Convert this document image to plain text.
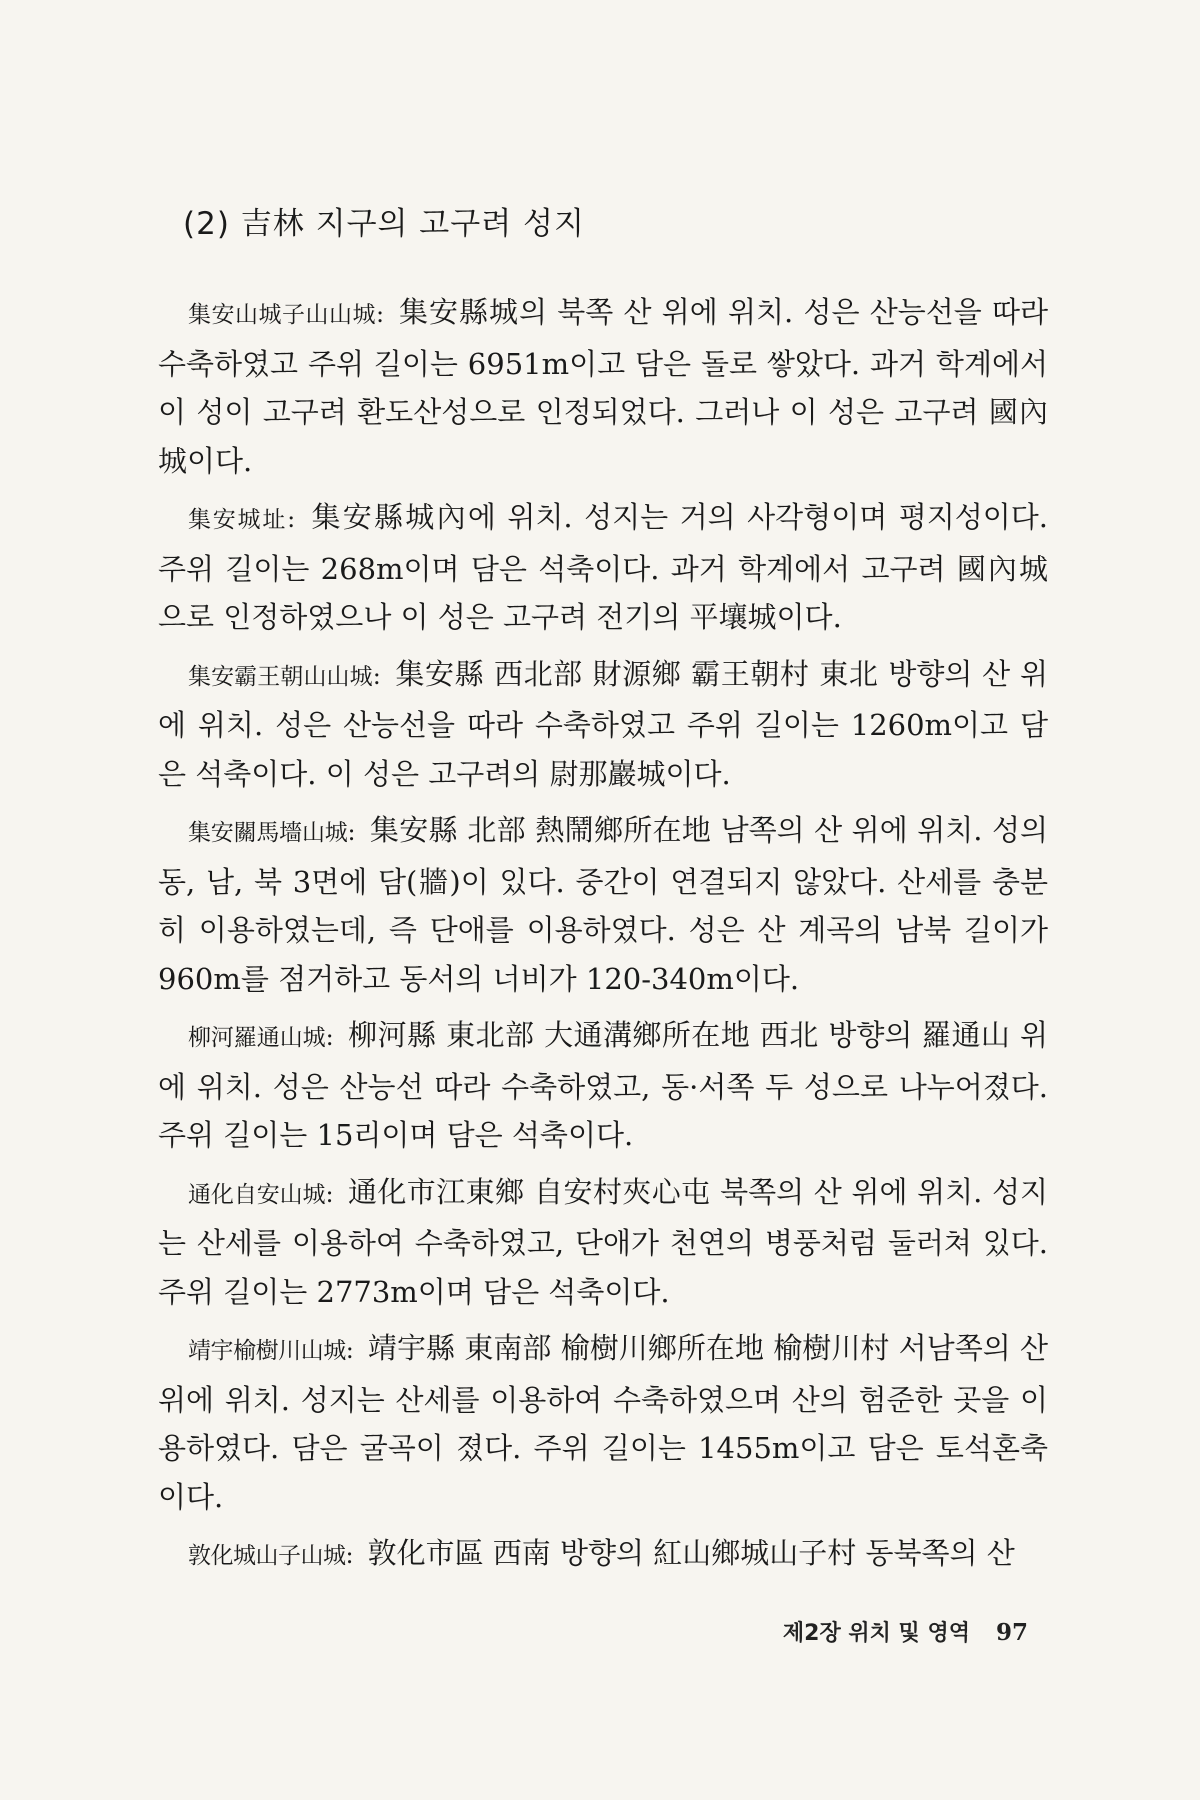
(2) 吉林 지구의 고구려 성지

集安山城子山山城: 集安縣城의 북쪽 산 위에 위치. 성은 산능선을 따라 수축하였고 주위 길이는 6951m이고 담은 돌로 쌓았다. 과거 학계에서 이 성이 고구려 환도산성으로 인정되었다. 그러나 이 성은 고구려 國內城이다.

集安城址: 集安縣城內에 위치. 성지는 거의 사각형이며 평지성이다. 주위 길이는 268m이며 담은 석축이다. 과거 학계에서 고구려 國內城으로 인정하였으나 이 성은 고구려 전기의 平壤城이다.

集安霸王朝山山城: 集安縣 西北部 財源鄉 霸王朝村 東北 방향의 산 위에 위치. 성은 산능선을 따라 수축하였고 주위 길이는 1260m이고 담은 석축이다. 이 성은 고구려의 尉那巖城이다.

集安關馬墻山城: 集安縣 北部 熱鬧鄉所在地 남쪽의 산 위에 위치. 성의 동, 남, 북 3면에 담(牆)이 있다. 중간이 연결되지 않았다. 산세를 충분히 이용하였는데, 즉 단애를 이용하였다. 성은 산 계곡의 남북 길이가 960m를 점거하고 동서의 너비가 120-340m이다.

柳河羅通山城: 柳河縣 東北部 大通溝鄉所在地 西北 방향의 羅通山 위에 위치. 성은 산능선 따라 수축하였고, 동·서쪽 두 성으로 나누어졌다. 주위 길이는 15리이며 담은 석축이다.

通化自安山城: 通化市江東鄉 自安村夾心屯 북쪽의 산 위에 위치. 성지는 산세를 이용하여 수축하였고, 단애가 천연의 병풍처럼 둘러쳐 있다. 주위 길이는 2773m이며 담은 석축이다.

靖宇榆樹川山城: 靖宇縣 東南部 榆樹川鄉所在地 榆樹川村 서남쪽의 산 위에 위치. 성지는 산세를 이용하여 수축하였으며 산의 험준한 곳을 이용하였다. 담은 굴곡이 졌다. 주위 길이는 1455m이고 담은 토석혼축이다.

敦化城山子山城: 敦化市區 西南 방향의 紅山鄉城山子村 동북쪽의 산

제2장 위치 및 영역 97
